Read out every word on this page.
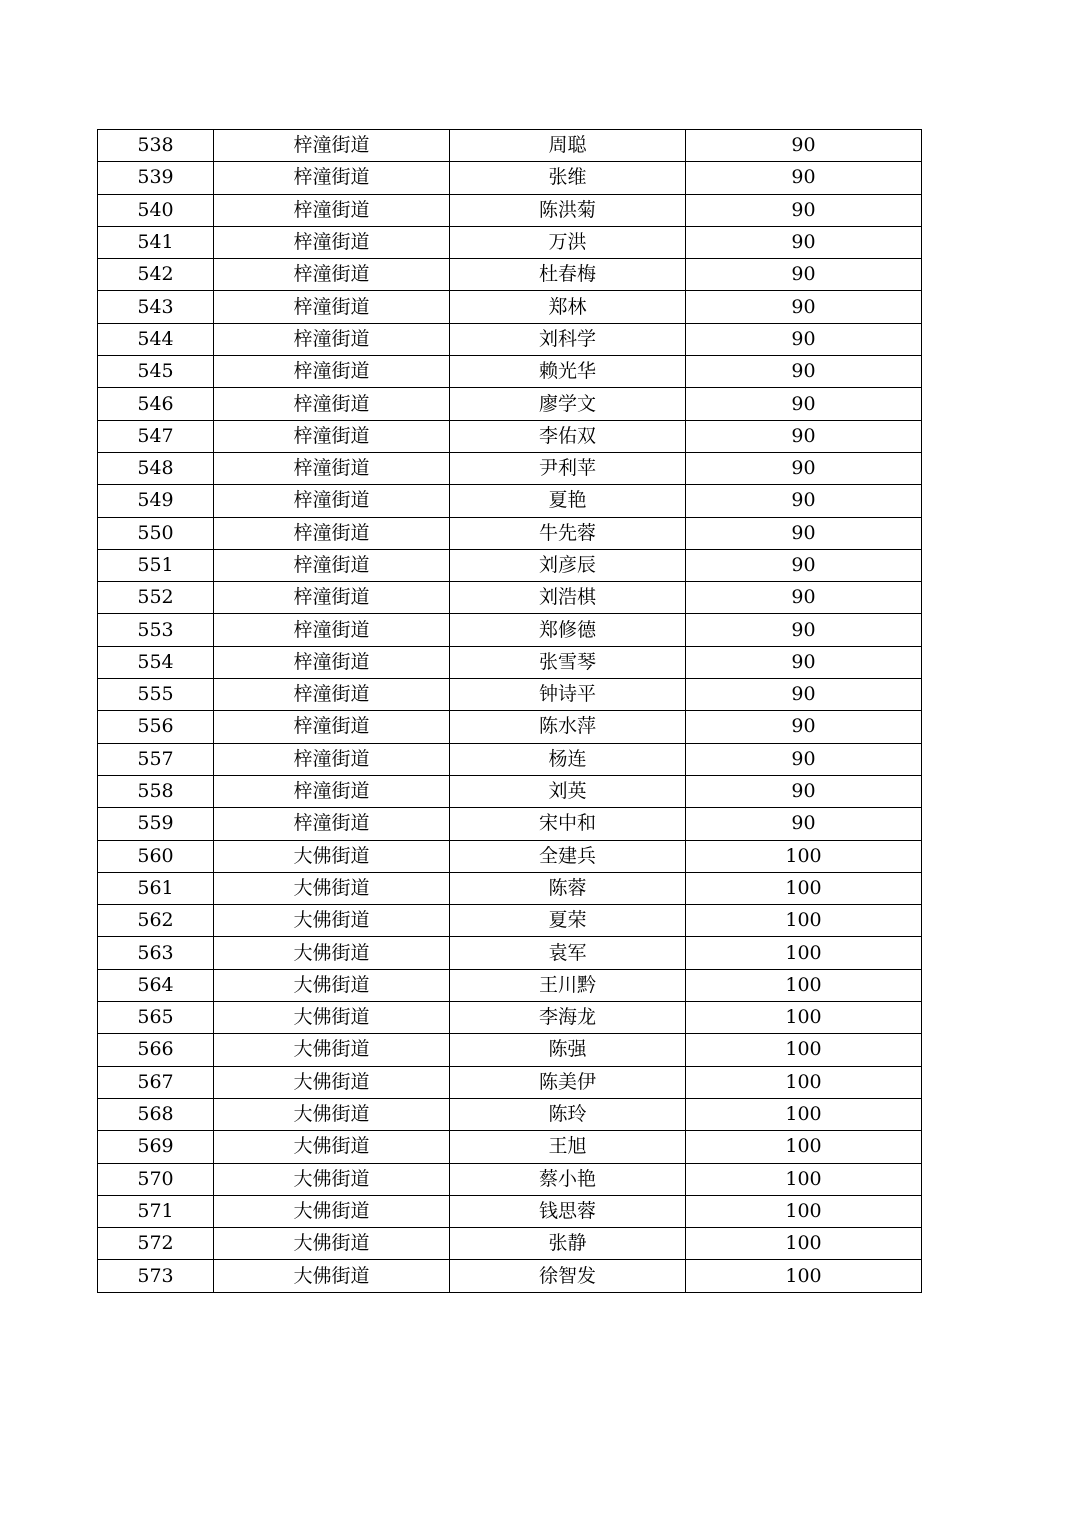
538	梓潼街道	周聪	90
539	梓潼街道	张维	90
540	梓潼街道	陈洪菊	90
541	梓潼街道	万洪	90
542	梓潼街道	杜春梅	90
543	梓潼街道	郑林	90
544	梓潼街道	刘科学	90
545	梓潼街道	赖光华	90
546	梓潼街道	廖学文	90
547	梓潼街道	李佑双	90
548	梓潼街道	尹利苹	90
549	梓潼街道	夏艳	90
550	梓潼街道	牛先蓉	90
551	梓潼街道	刘彦辰	90
552	梓潼街道	刘浩棋	90
553	梓潼街道	郑修德	90
554	梓潼街道	张雪琴	90
555	梓潼街道	钟诗平	90
556	梓潼街道	陈水萍	90
557	梓潼街道	杨连	90
558	梓潼街道	刘英	90
559	梓潼街道	宋中和	90
560	大佛街道	全建兵	100
561	大佛街道	陈蓉	100
562	大佛街道	夏荣	100
563	大佛街道	袁军	100
564	大佛街道	王川黔	100
565	大佛街道	李海龙	100
566	大佛街道	陈强	100
567	大佛街道	陈美伊	100
568	大佛街道	陈玲	100
569	大佛街道	王旭	100
570	大佛街道	蔡小艳	100
571	大佛街道	钱思蓉	100
572	大佛街道	张静	100
573	大佛街道	徐智发	100
